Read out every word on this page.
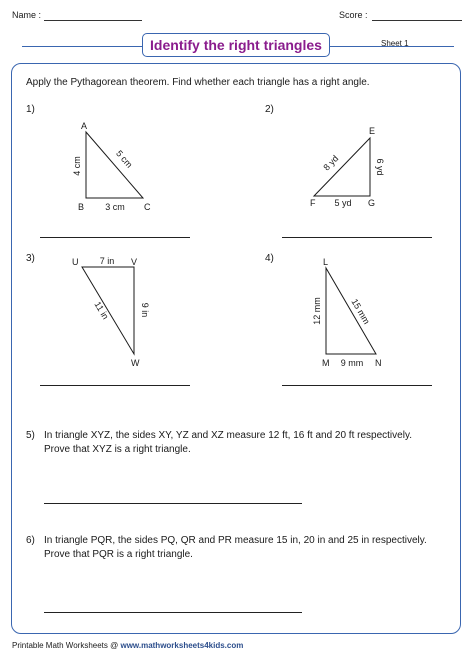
Name :	Score :
Identify the right triangles	Sheet 1
Apply the Pythagorean theorem. Find whether each triangle has a right angle.
1)	2)
3)	4)
A
B	C
4 cm
3 cm
5 cm
E
F	G
8 yd
5 yd
6 yd
U	V
W
7 in
9 in
11 in
L
M	N
12 mm
9 mm
15 mm
5) In triangle XYZ, the sides XY, YZ and XZ measure 12 ft, 16 ft and 20 ft respectively.
Prove that XYZ is a right triangle.
6) In triangle PQR, the sides PQ, QR and PR measure 15 in, 20 in and 25 in respectively.
Prove that PQR is a right triangle.
Printable Math Worksheets @ www.mathworksheets4kids.com
